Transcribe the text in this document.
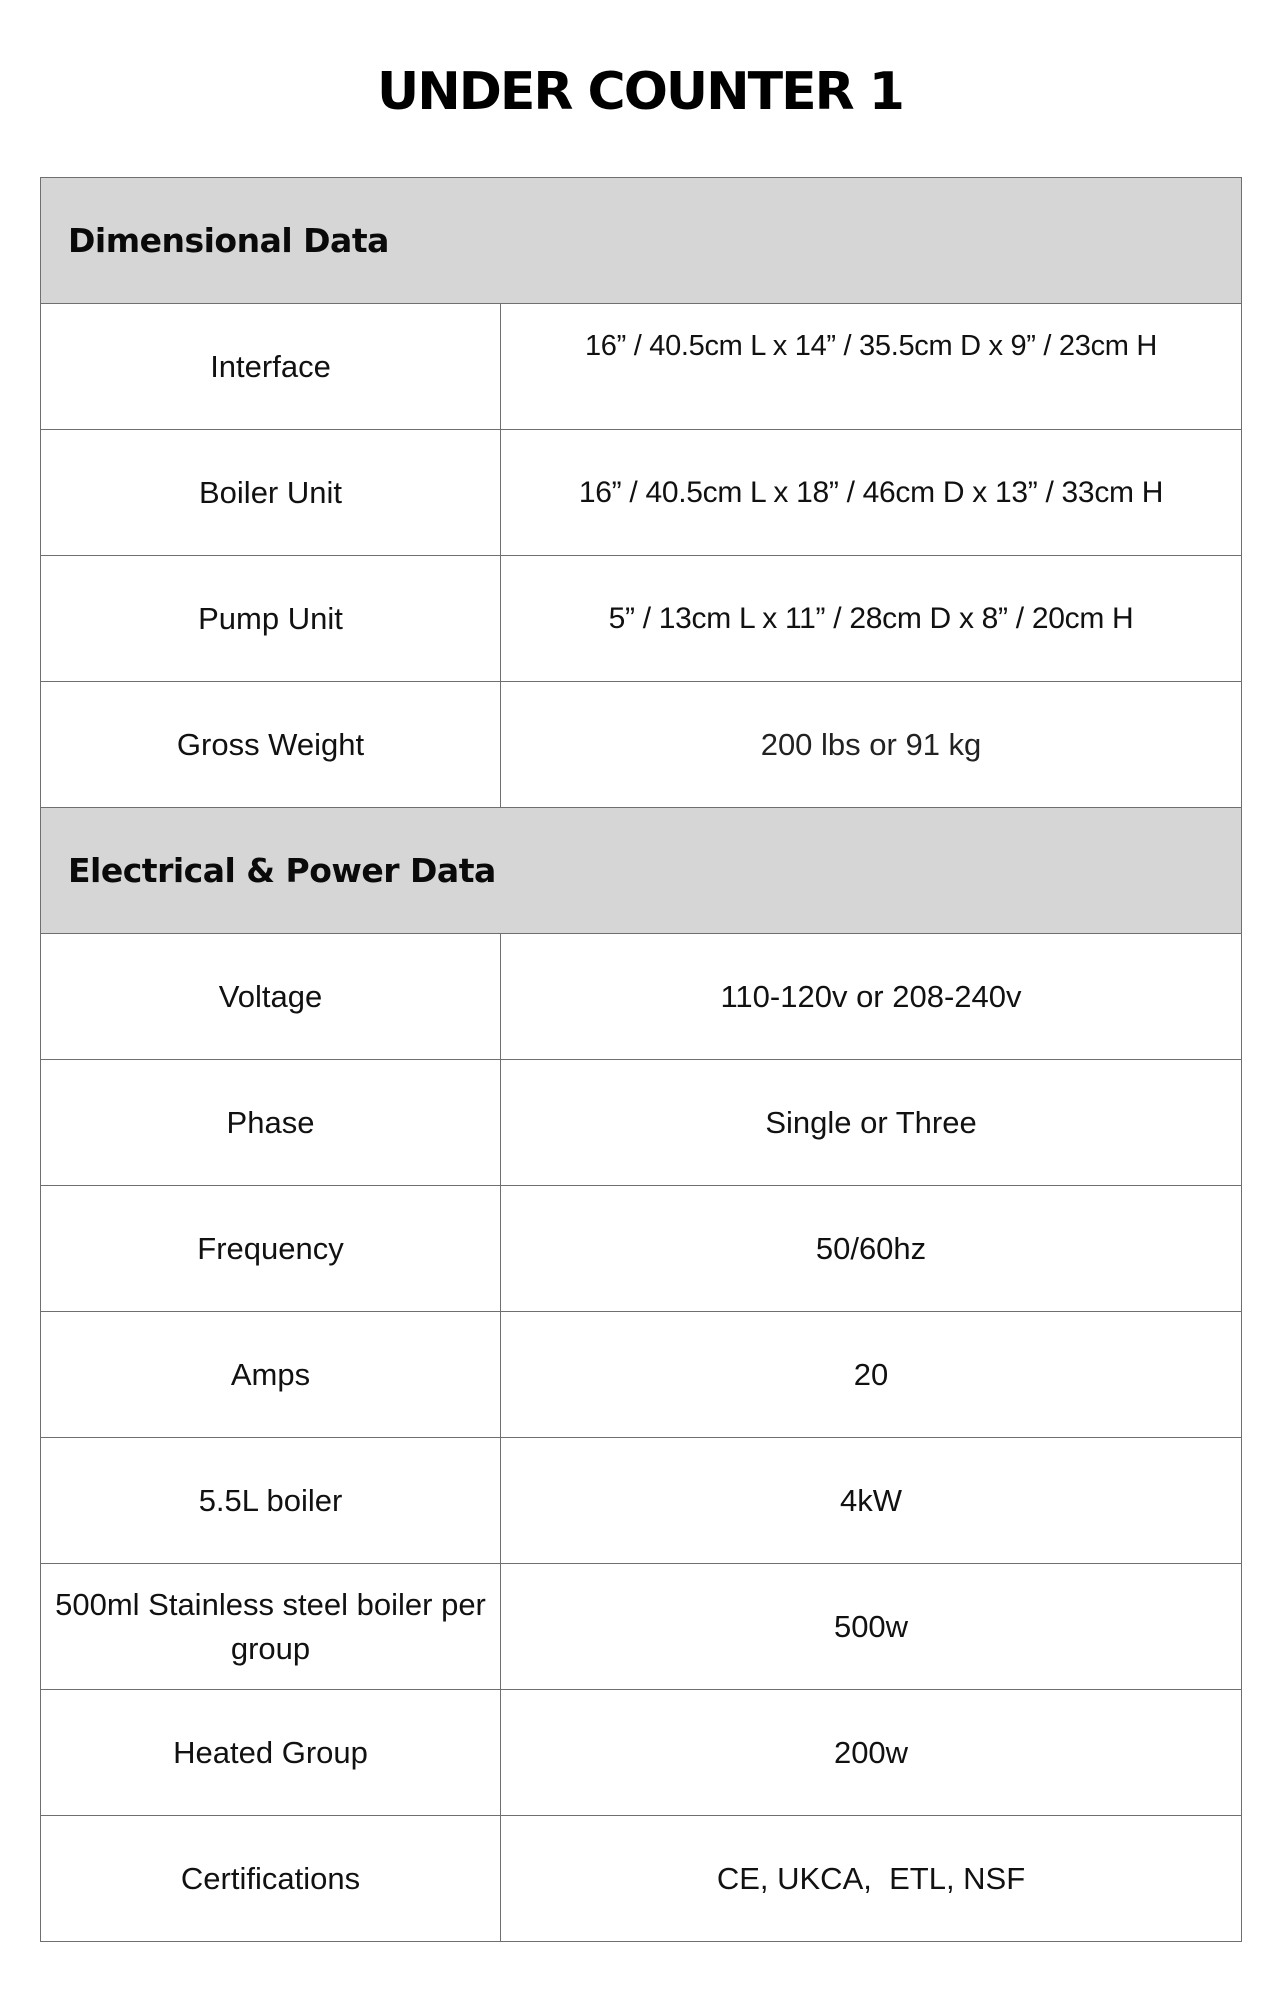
UNDER COUNTER 1
Dimensional Data	
Interface	16” / 40.5cm L x 14” / 35.5cm D x 9” / 23cm H
Boiler Unit	16” / 40.5cm L x 18” / 46cm D x 13” / 33cm H
Pump Unit	5” / 13cm L x 11” / 28cm D x 8” / 20cm H
Gross Weight	200 lbs or 91 kg
Electrical & Power Data	
Voltage	110-120v or 208-240v
Phase	Single or Three
Frequency	50/60hz
Amps	20
5.5L boiler	4kW
500ml Stainless steel boiler per group	500w
Heated Group	200w
Certifications	CE, UKCA,  ETL, NSF
